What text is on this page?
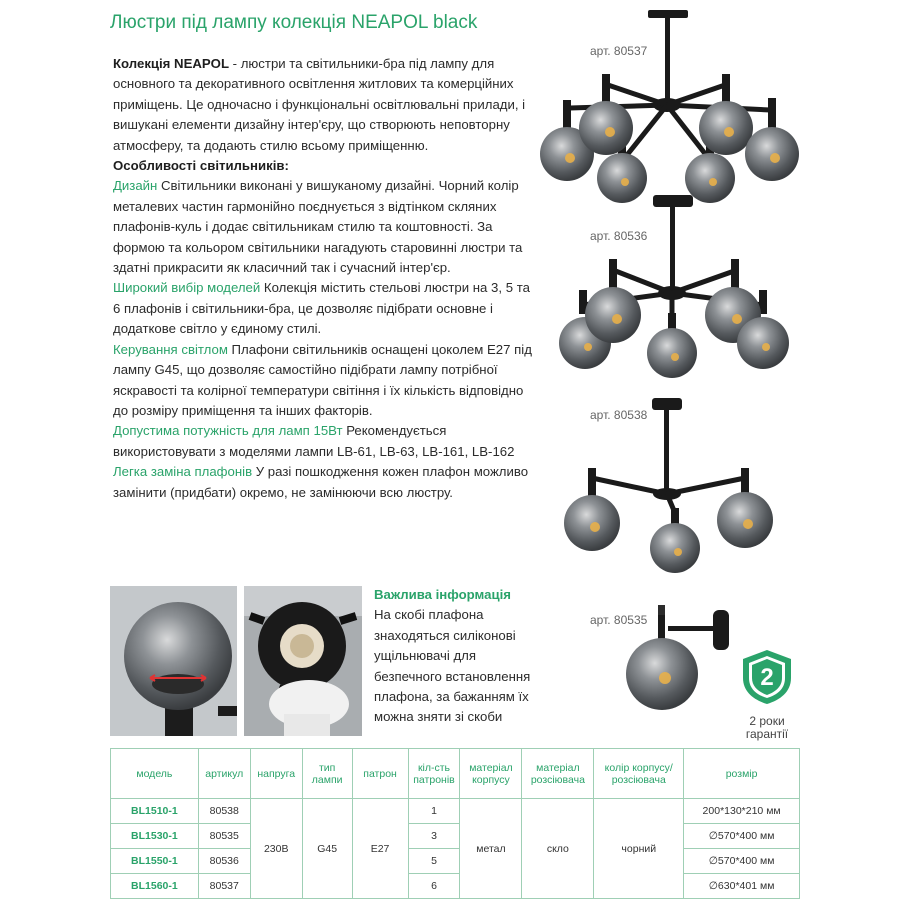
Люстри під лампу колекція NEAPOL black

Колекція NEAPOL - люстри та світильники-бра під лампу для основного та декоративного освітлення житлових та комерційних приміщень. Це одночасно і функціональні освітлювальні прилади, і вишукані елементи дизайну інтер'єру, що створюють неповторну атмосферу, та додають стилю всьому приміщенню.

Особливості світильників:

Дизайн Світильники виконані у вишуканому дизайні. Чорний колір металевих частин гармонійно поєднується з відтінком скляних плафонів-куль і додає світильникам стилю та коштовності. За формою та кольором світильники нагадують старовинні люстри та здатні прикрасити як класичний так і сучасний інтер'єр.

Широкий вибір моделей Колекція містить стельові люстри на 3, 5 та 6 плафонів і світильники-бра, це дозволяє підібрати основне і додаткове світло у єдиному стилі.

Керування світлом Плафони світильників оснащені цоколем Е27 під лампу G45, що дозволяє самостійно підібрати лампу потрібної яскравості та колірної температури світіння і їх кількість відповідно до розміру приміщення та інших факторів.

Допустима потужність для ламп 15Вт Рекомендується використовувати з моделями лампи LB-61, LB-63, LB-161, LB-162

Легка заміна плафонів У разі пошкодження кожен плафон можливо замінити (придбати) окремо, не замінюючи всю люстру.

арт. 80537
арт. 80536
арт. 80538
арт. 80535
Важлива інформація
На скобі плафона знаходяться силіконові ущільнювачі для безпечного встановлення плафона, за бажанням їх можна зняти зі скоби
2
2 роки гарантії
модель	артикул	напруга	тип лампи	патрон	кіл-сть патронів	матеріал корпусу	матеріал розсіювача	колір корпусу/ розсіювача	розмір
BL1510-1	80538	230В	G45	E27	1	метал	скло	чорний	200*130*210 мм
BL1530-1	80535				3				∅570*400 мм
BL1550-1	80536				5				∅570*400 мм
BL1560-1	80537				6				∅630*401 мм
